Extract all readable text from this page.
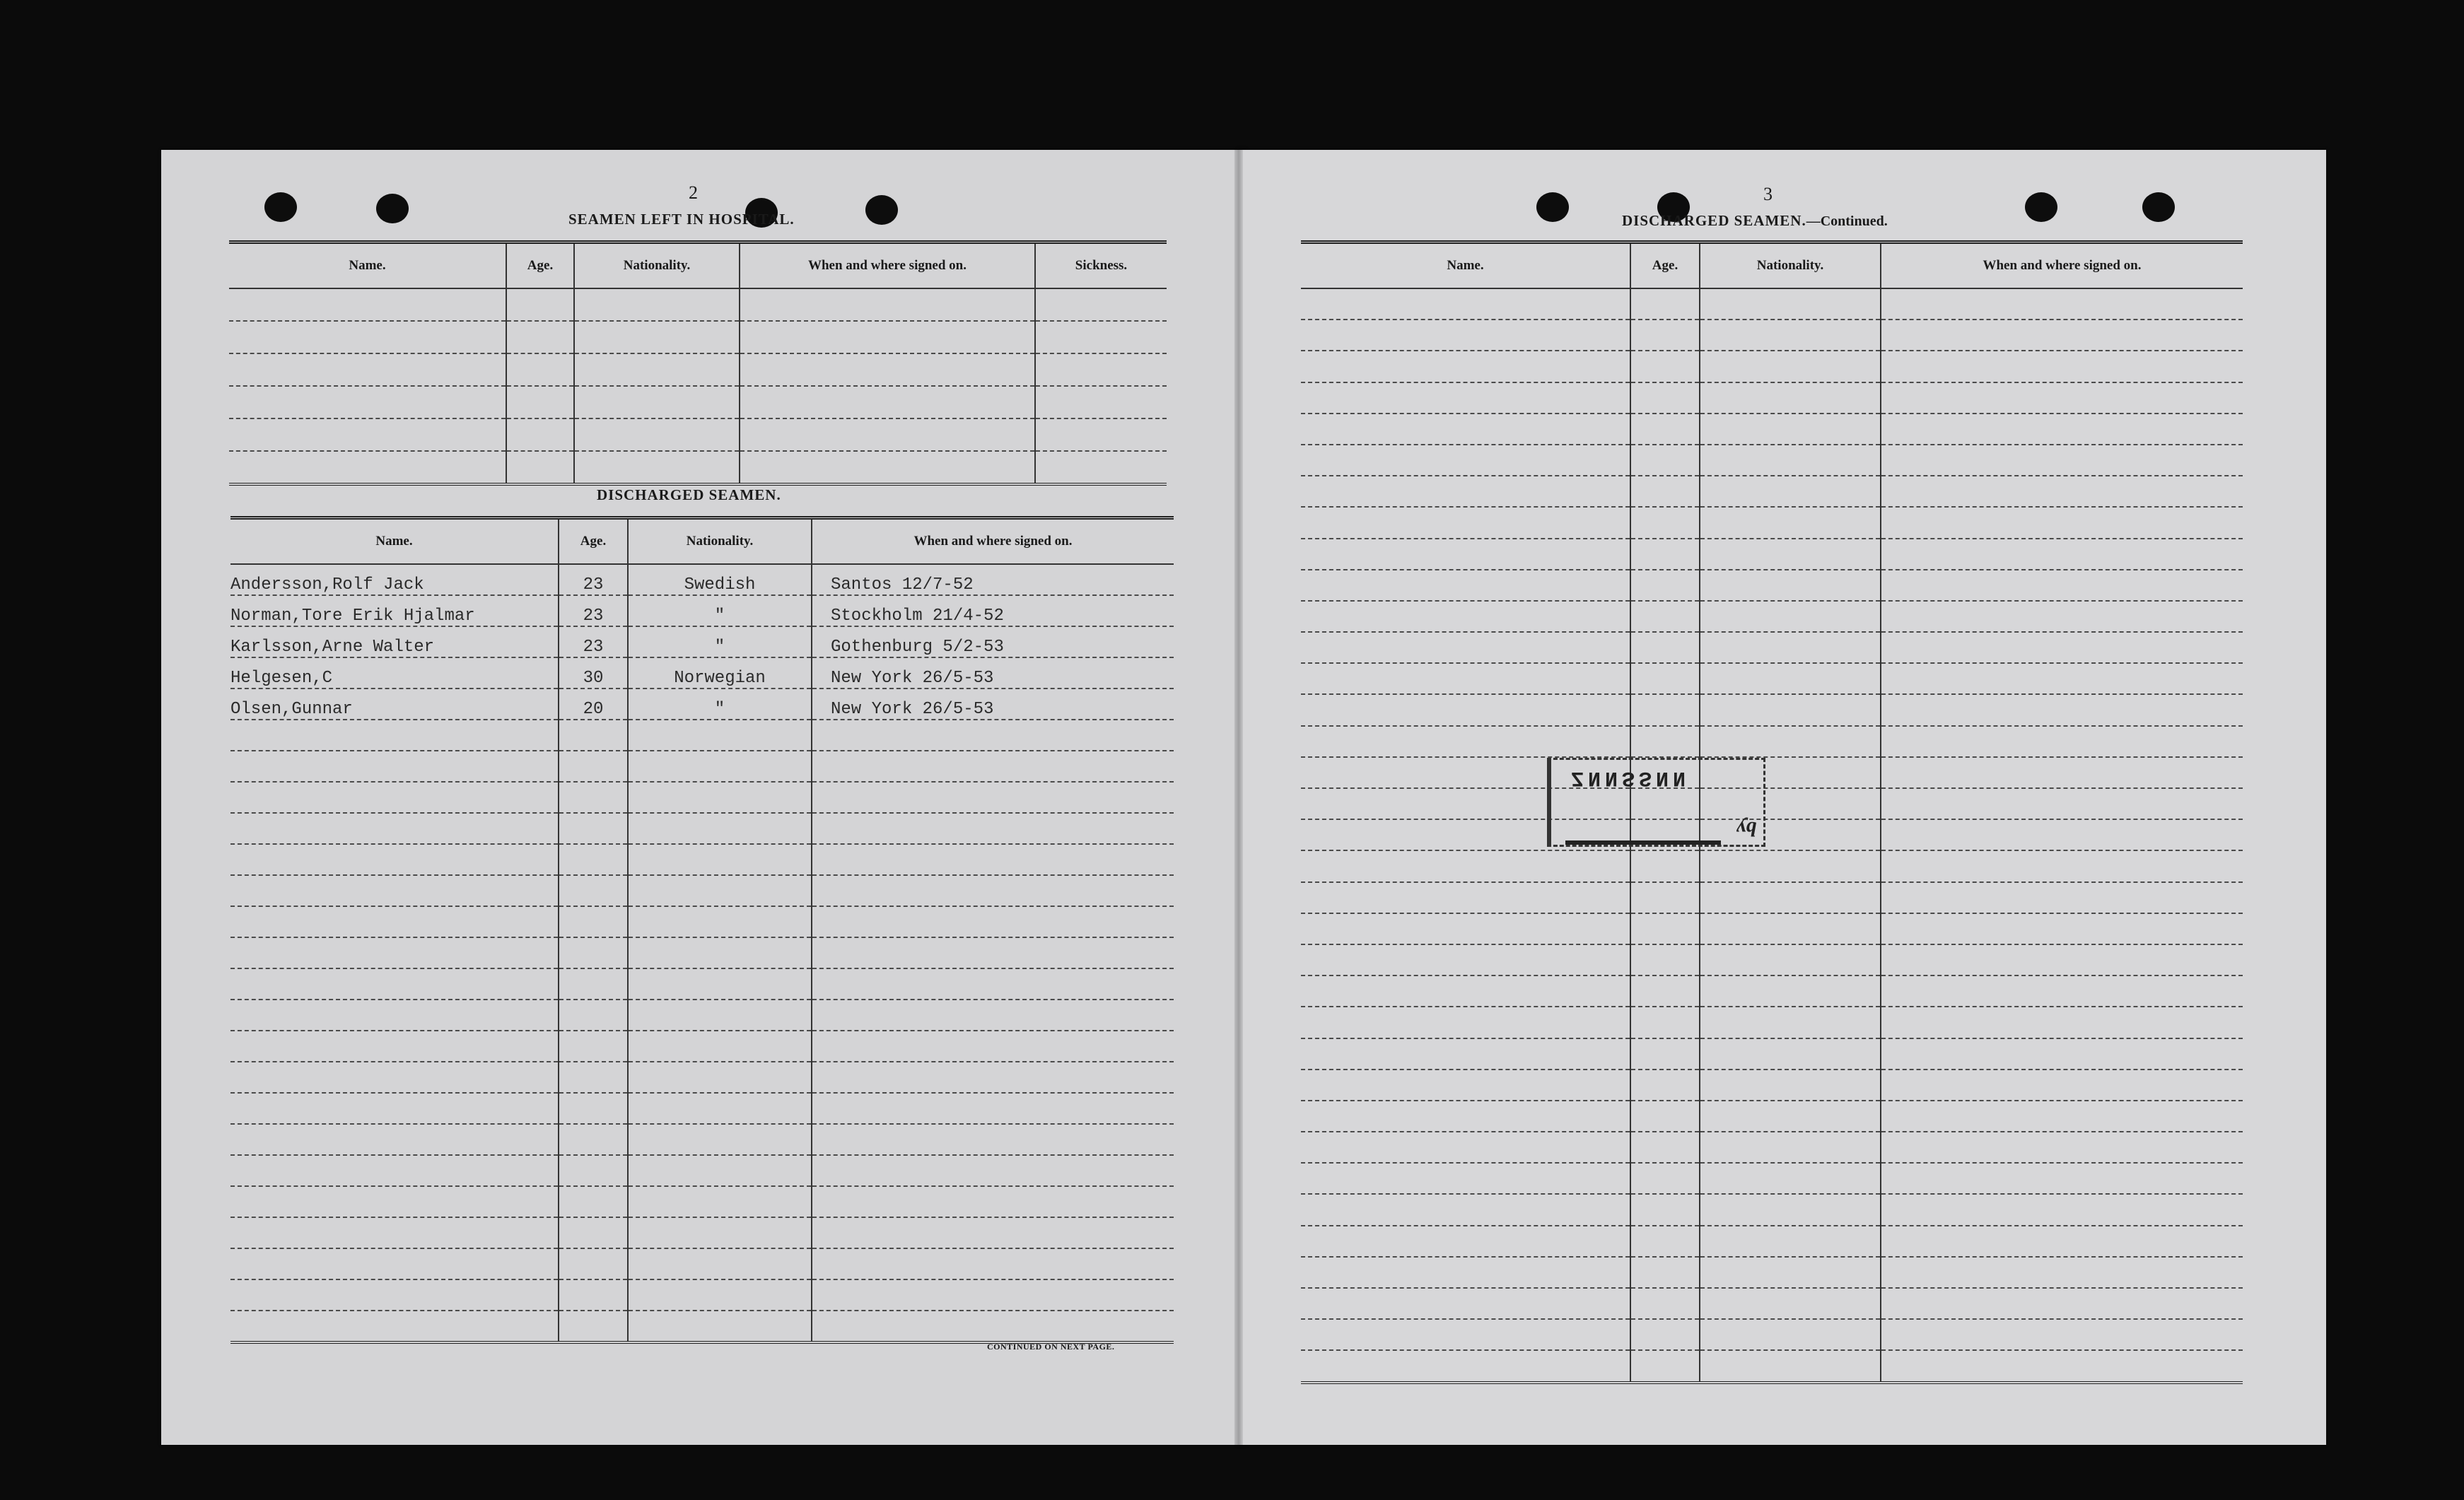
2
SEAMEN LEFT IN HOSPITAL.
Name.	Age.	Nationality.	When and where signed on.	Sickness.

DISCHARGED SEAMEN.
Name.	Age.	Nationality.	When and where signed on.
Andersson,Rolf Jack	23	Swedish	Santos 12/7-52
Norman,Tore Erik Hjalmar	23	"	Stockholm 21/4-52
Karlsson,Arne Walter	23	"	Gothenburg 5/2-53
Helgesen,C	30	Norwegian	New York 26/5-53
Olsen,Gunnar	20	"	New York 26/5-53

CONTINUED ON NEXT PAGE.
3
DISCHARGED SEAMEN.—Continued.
Name.	Age.	Nationality.	When and where signed on.

ZNNSSNN
by
